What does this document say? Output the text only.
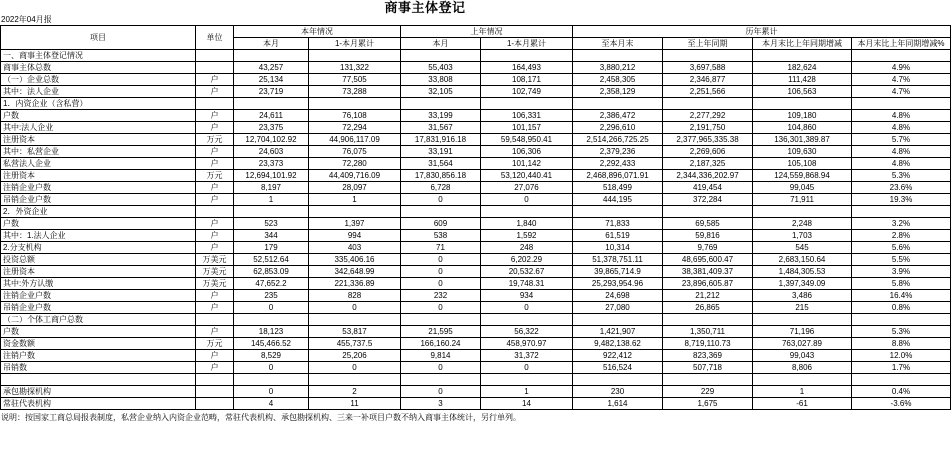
商事主体登记
2022年04月报
项目	单位	本年情况		上年情况		历年累计			
		本月	1-本月累计	本月	1-本月累计	至本月末	至上年同期	本月末比上年同期增减	本月末比上年同期增减%
一、商事主体登记情况									
商事主体总数		43,257	131,322	55,403	164,493	3,880,212	3,697,588	182,624	4.9%
（一）企业总数	户	25,134	77,505	33,808	108,171	2,458,305	2,346,877	111,428	4.7%
其中：法人企业	户	23,719	73,288	32,105	102,749	2,358,129	2,251,566	106,563	4.7%
1．内资企业（含私营）									
户数	户	24,611	76,108	33,199	106,331	2,386,472	2,277,292	109,180	4.8%
其中:法人企业	户	23,375	72,294	31,567	101,157	2,296,610	2,191,750	104,860	4.8%
注册资本	万元	12,704,102.92	44,906,117.09	17,831,916.18	59,548,950.41	2,514,266,725.25	2,377,965,335.38	136,301,389.87	5.7%
其中：私营企业	户	24,603	76,075	33,191	106,306	2,379,236	2,269,606	109,630	4.8%
私营法人企业	户	23,373	72,280	31,564	101,142	2,292,433	2,187,325	105,108	4.8%
注册资本	万元	12,694,101.92	44,409,716.09	17,830,856.18	53,120,440.41	2,468,896,071.91	2,344,336,202.97	124,559,868.94	5.3%
注销企业户数	户	8,197	28,097	6,728	27,076	518,499	419,454	99,045	23.6%
吊销企业户数	户	1	1	0	0	444,195	372,284	71,911	19.3%
2．外资企业									
户数	户	523	1,397	609	1,840	71,833	69,585	2,248	3.2%
其中：1.法人企业	户	344	994	538	1,592	61,519	59,816	1,703	2.8%
2.分支机构	户	179	403	71	248	10,314	9,769	545	5.6%
投资总额	万美元	52,512.64	335,406.16	0	6,202.29	51,378,751.11	48,695,600.47	2,683,150.64	5.5%
注册资本	万美元	62,853.09	342,648.99	0	20,532.67	39,865,714.9	38,381,409.37	1,484,305.53	3.9%
其中:外方认缴	万美元	47,652.2	221,336.89	0	19,748.31	25,293,954.96	23,896,605.87	1,397,349.09	5.8%
注销企业户数	户	235	828	232	934	24,698	21,212	3,486	16.4%
吊销企业户数	户	0	0	0	0	27,080	26,865	215	0.8%
（二）个体工商户总数									
户数	户	18,123	53,817	21,595	56,322	1,421,907	1,350,711	71,196	5.3%
资金数额	万元	145,466.52	455,737.5	166,160.24	458,970.97	9,482,138.62	8,719,110.73	763,027.89	8.8%
注销户数	户	8,529	25,206	9,814	31,372	922,412	823,369	99,043	12.0%
吊销数	户	0	0	0	0	516,524	507,718	8,806	1.7%

承包勘探机构		0	2	0	1	230	229	1	0.4%
常驻代表机构		4	11	3	14	1,614	1,675	-61	-3.6%
说明：按国家工商总局报表制度，私营企业纳入内资企业范畴，常驻代表机构、承包勘探机构、三来一补项目户数不纳入商事主体统计，另行单列。
